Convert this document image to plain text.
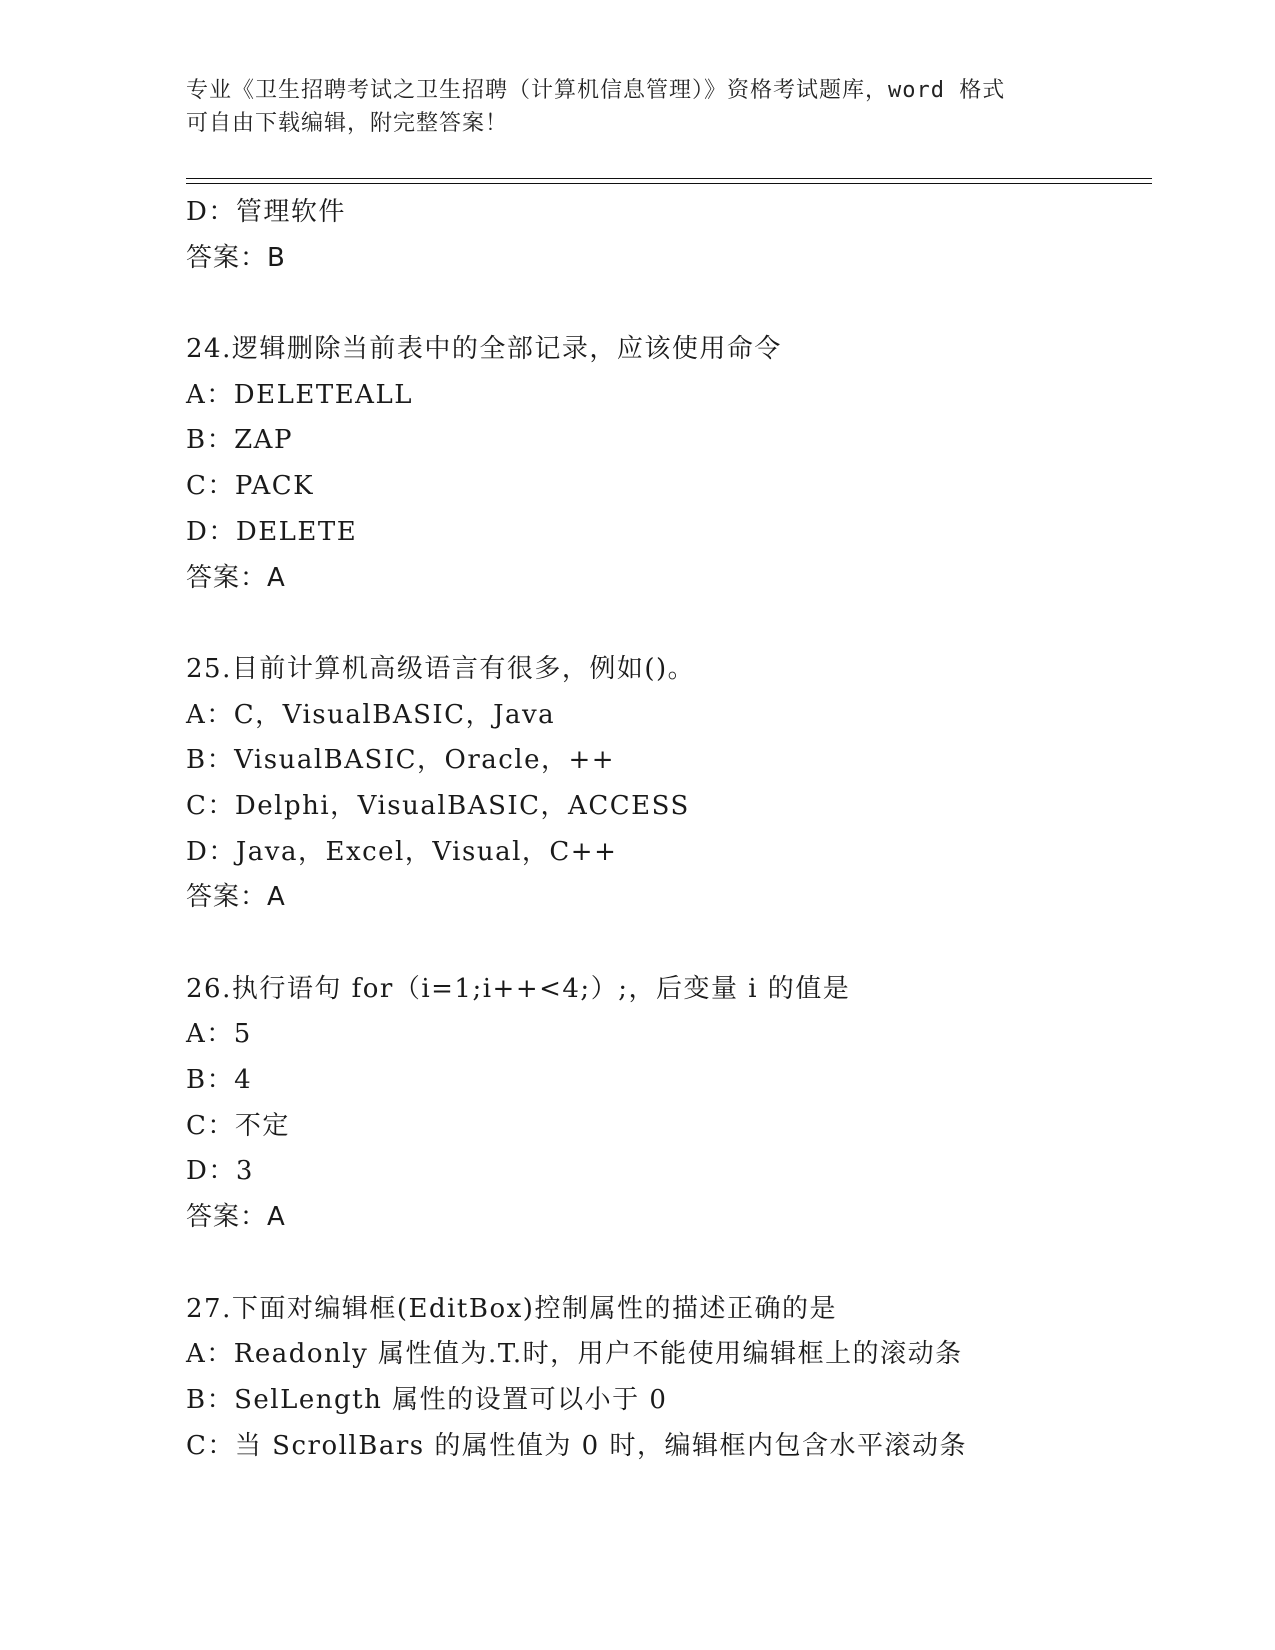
专业《卫生招聘考试之卫生招聘（计算机信息管理）》资格考试题库，word 格式
可自由下载编辑，附完整答案！
D：管理软件
答案：B
24.逻辑删除当前表中的全部记录，应该使用命令
A：DELETEALL
B：ZAP
C：PACK
D：DELETE
答案：A
25.目前计算机高级语言有很多，例如()。
A：C，VisualBASIC，Java
B：VisualBASIC，Oracle，++
C：Delphi，VisualBASIC，ACCESS
D：Java，Excel，Visual，C++
答案：A
26.执行语句 for（i=1;i++<4;）;，后变量 i 的值是
A：5
B：4
C：不定
D：3
答案：A
27.下面对编辑框(EditBox)控制属性的描述正确的是
A：Readonly 属性值为.T.时，用户不能使用编辑框上的滚动条
B：SelLength 属性的设置可以小于 0
C：当 ScrollBars 的属性值为 0 时，编辑框内包含水平滚动条
